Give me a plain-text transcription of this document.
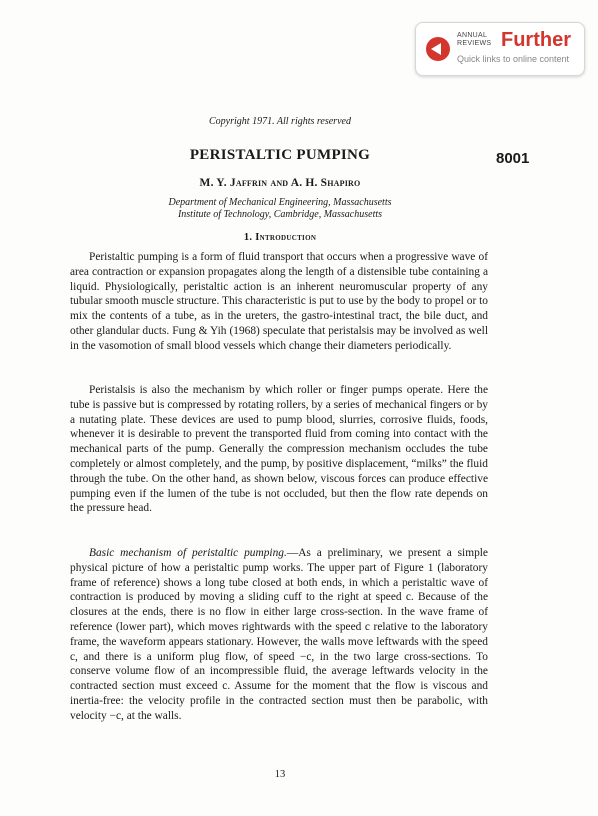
ANNUAL
REVIEWS Further
Quick links to online content
Copyright 1971. All rights reserved
PERISTALTIC PUMPING	8001
M. Y. Jaffrin and A. H. Shapiro
Department of Mechanical Engineering, Massachusetts
Institute of Technology, Cambridge, Massachusetts
1. Introduction

Peristaltic pumping is a form of fluid transport that occurs when a progressive wave of area contraction or expansion propagates along the length of a distensible tube containing a liquid. Physiologically, peristaltic action is an inherent neuromuscular property of any tubular smooth muscle structure. This characteristic is put to use by the body to propel or to mix the contents of a tube, as in the ureters, the gastro-intestinal tract, the bile duct, and other glandular ducts. Fung & Yih (1968) speculate that peristalsis may be involved as well in the vasomotion of small blood vessels which change their diameters periodically.

Peristalsis is also the mechanism by which roller or finger pumps operate. Here the tube is passive but is compressed by rotating rollers, by a series of mechanical fingers or by a nutating plate. These devices are used to pump blood, slurries, corrosive fluids, foods, whenever it is desirable to prevent the transported fluid from coming into contact with the mechanical parts of the pump. Generally the compression mechanism occludes the tube completely or almost completely, and the pump, by positive displacement, “milks” the fluid through the tube. On the other hand, as shown below, viscous forces can produce effective pumping even if the lumen of the tube is not occluded, but then the flow rate depends on the pressure head.

Basic mechanism of peristaltic pumping.—As a preliminary, we present a simple physical picture of how a peristaltic pump works. The upper part of Figure 1 (laboratory frame of reference) shows a long tube closed at both ends, in which a peristaltic wave of contraction is produced by moving a sliding cuff to the right at speed c. Because of the closures at the ends, there is no flow in either large cross-section. In the wave frame of reference (lower part), which moves rightwards with the speed c relative to the laboratory frame, the waveform appears stationary. However, the walls move leftwards with the speed c, and there is a uniform plug flow, of speed −c, in the two large cross-sections. To conserve volume flow of an incompressible fluid, the average leftwards velocity in the contracted section must exceed c. Assume for the moment that the flow is viscous and inertia-free: the velocity profile in the contracted section must then be parabolic, with velocity −c, at the walls.

13
